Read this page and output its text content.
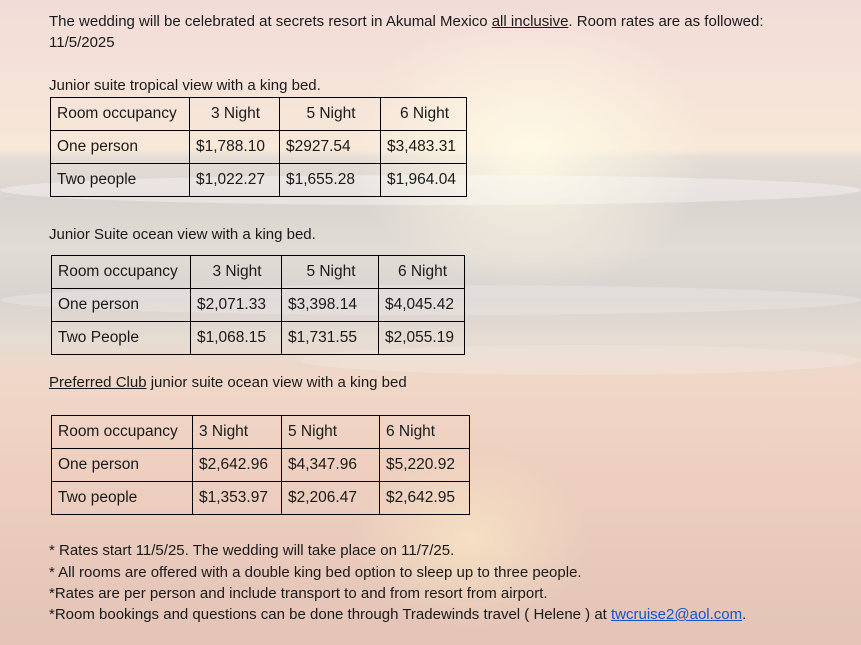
The wedding will be celebrated at secrets resort in Akumal Mexico all inclusive. Room rates are as followed:
11/5/2025
Junior suite tropical view with a king bed.
Room occupancy	3 Night	5 Night	6 Night
One person	$1,788.10	$2927.54	$3,483.31
Two people	$1,022.27	$1,655.28	$1,964.04
Junior Suite ocean view with a king bed.
Room occupancy	3 Night	5 Night	6 Night
One person	$2,071.33	$3,398.14	$4,045.42
Two People	$1,068.15	$1,731.55	$2,055.19
Preferred Club junior suite ocean view with a king bed
Room occupancy	3 Night	5 Night	6 Night
One person	$2,642.96	$4,347.96	$5,220.92
Two people	$1,353.97	$2,206.47	$2,642.95
* Rates start 11/5/25. The wedding will take place on 11/7/25.
* All rooms are offered with a double king bed option to sleep up to three people.
*Rates are per person and include transport to and from resort from airport.
*Room bookings and questions can be done through Tradewinds travel ( Helene ) at twcruise2@aol.com.
